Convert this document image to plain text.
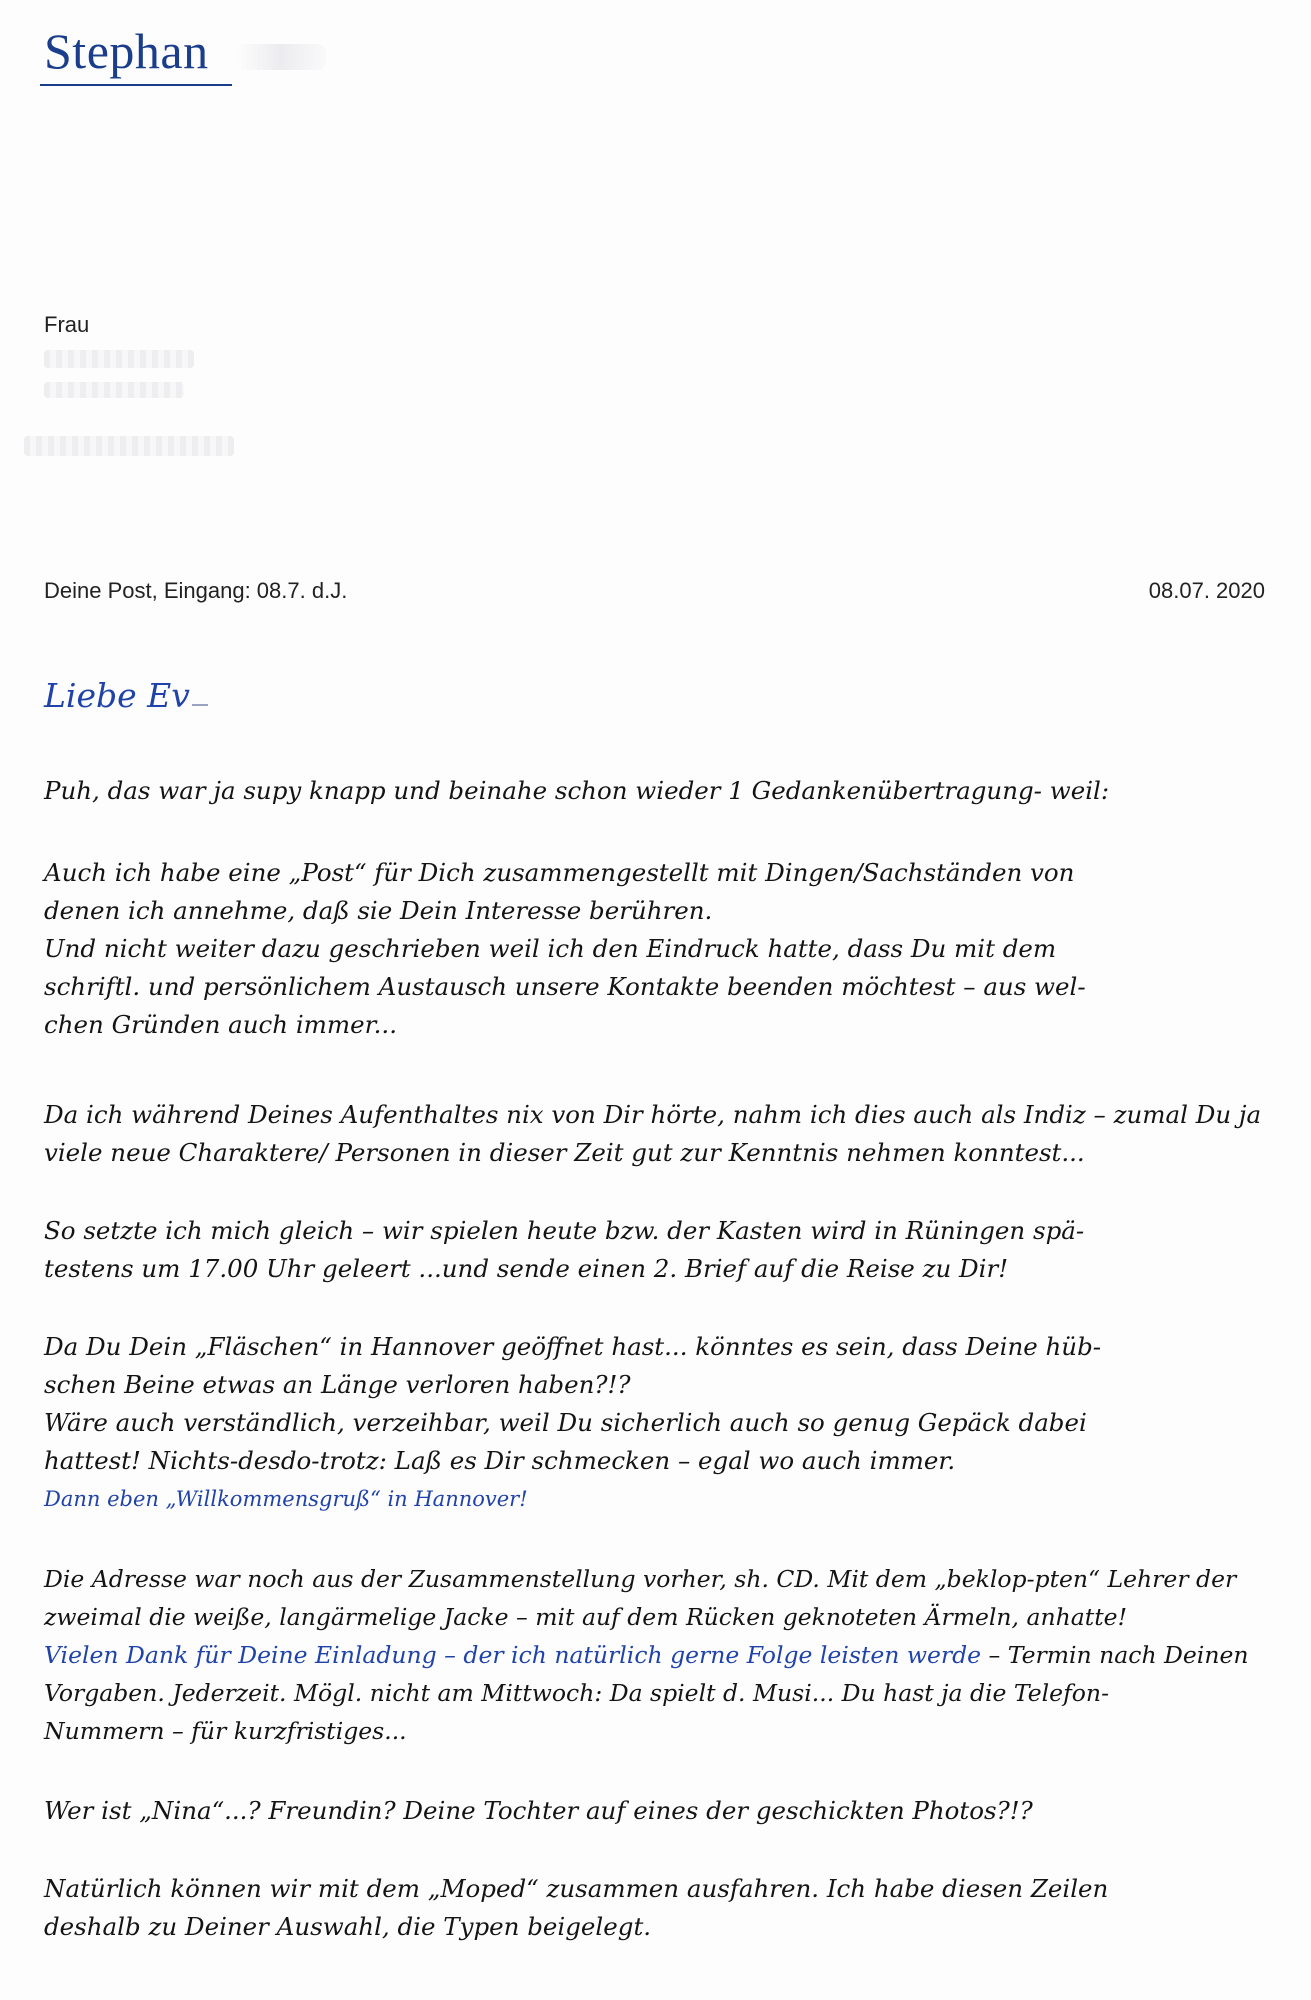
Stephan
Frau
Deine Post, Eingang: 08.7. d.J.	08.07. 2020
Liebe Ev

Puh, das war ja supy knapp und beinahe schon wieder 1 Gedankenübertragung- weil:

Auch ich habe eine „Post“ für Dich zusammengestellt mit Dingen/Sachständen von

denen ich annehme, daß sie Dein Interesse berühren.

Und nicht weiter dazu geschrieben weil ich den Eindruck hatte, dass Du mit dem

schriftl. und persönlichem Austausch unsere Kontakte beenden möchtest – aus wel-

chen Gründen auch immer...

Da ich während Deines Aufenthaltes nix von Dir hörte, nahm ich dies auch als Indiz – zumal Du ja

viele neue Charaktere/ Personen in dieser Zeit gut zur Kenntnis nehmen konntest...

So setzte ich mich gleich – wir spielen heute bzw. der Kasten wird in Rüningen spä-

testens um 17.00 Uhr geleert ...und sende einen 2. Brief auf die Reise zu Dir!

Da Du Dein „Fläschen“ in Hannover geöffnet hast... könntes es sein, dass Deine hüb-

schen Beine etwas an Länge verloren haben?!?

Wäre auch verständlich, verzeihbar, weil Du sicherlich auch so genug Gepäck dabei

hattest! Nichts-desdo-trotz: Laß es Dir schmecken – egal wo auch immer.

Dann eben „Willkommensgruß“ in Hannover!

Die Adresse war noch aus der Zusammenstellung vorher, sh. CD. Mit dem „beklop-pten“ Lehrer der

zweimal die weiße, langärmelige Jacke – mit auf dem Rücken geknoteten Ärmeln, anhatte!

Vielen Dank für Deine Einladung – der ich natürlich gerne Folge leisten werde – Termin nach Deinen

Vorgaben. Jederzeit. Mögl. nicht am Mittwoch: Da spielt d. Musi... Du hast ja die Telefon-

Nummern – für kurzfristiges...

Wer ist „Nina“...? Freundin? Deine Tochter auf eines der geschickten Photos?!?

Natürlich können wir mit dem „Moped“ zusammen ausfahren. Ich habe diesen Zeilen

deshalb zu Deiner Auswahl, die Typen beigelegt.
